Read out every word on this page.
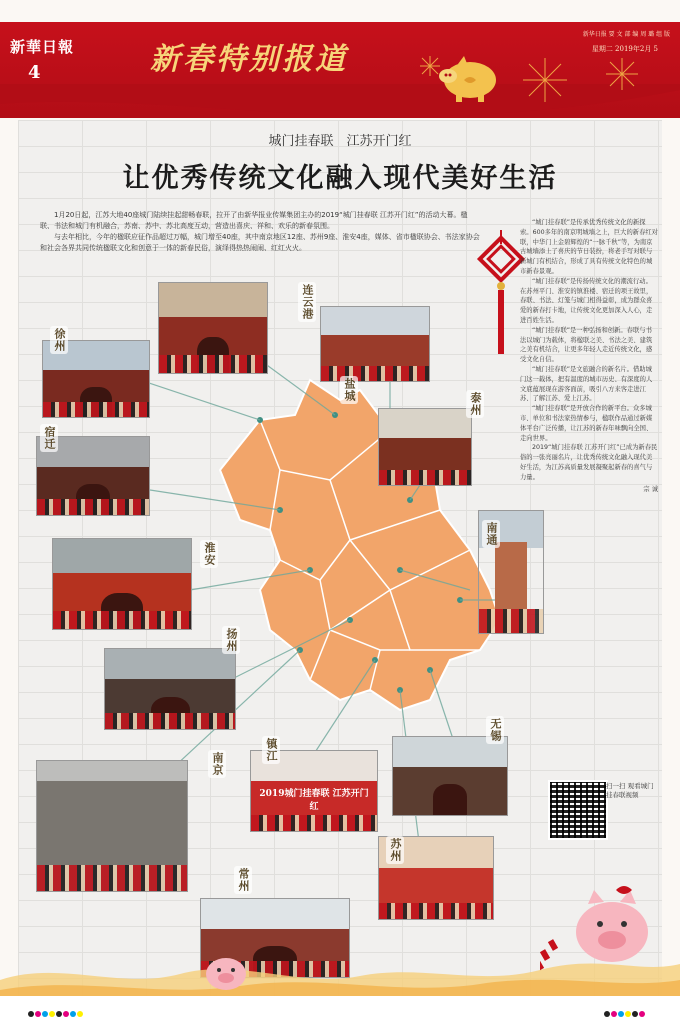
新華日報
4	新春特别报道
新华日报 要 文 部 编 周 璐 组 版
星期二 2019年2月 5
城门挂春联　江苏开门红
让优秀传统文化融入现代美好生活

1月20日起，江苏大地40座城门陆续挂起甜畅春联，拉开了由新华报业传媒集团主办的2019“城门挂春联 江苏开门红”的活动大幕。楹联、书法和城门有机融合，苏南、苏中、苏北高度互动，营造出喜庆、祥和、欢乐的新春氛围。

与去年相比，今年的楹联应征作品超过万幅，城门增至40座，其中南京地区12座、苏州9座、淮安4座，媒体、省市楹联协会、书法家协会和社会各界共同传统楹联文化和创意于一体的新春民俗，演绎得热热闹闹、红红火火。

“城门挂春联”是传承优秀传统文化的新探索。600多年的南京明城墙之上，巨大的新春红对联，中华门上金碧辉煌的“一脉千秋”等，为南京古城墙添上了喜庆的节日装扮，将老手写对联与新城门有机结合，形成了具有传统文化特色的城市新春景观。

“城门挂春联”是传扬传统文化的潮流行动。在苏州平门、淮安的镇淮楼、宿迁的项王故里，春联、书法、灯笼与城门相得益彰，成为群众喜爱的新春打卡地，让传统文化更加深入人心，走进百姓生活。

“城门挂春联”是一种弘扬和创新。春联与书法以城门为载体，将楹联之美、书法之美、建筑之美有机结合，让更多年轻人走近传统文化，感受文化自信。

“城门挂春联”是文旅融合的新名片。借助城门这一载体，把有温度的城市历史、有深度的人文底蕴展现在游客面前，吸引八方来客走进江苏、了解江苏、爱上江苏。

“城门挂春联”是开放合作的新平台。众多城市、单位和书法家热情参与，楹联作品通过新媒体平台广泛传播，让江苏的新春年味飘向全国、走向世界。

2019“城门挂春联 江苏开门红”已成为新春民俗的一张亮丽名片，让优秀传统文化融入现代美好生活，为江苏高质量发展凝聚起新春的喜气与力量。

宗 诚

2019城门挂春联 江苏开门红
徐州
连云港
宿迁
盐城
泰州
淮安
扬州
南通
镇江
南京
常州
无锡
苏州
扫一扫 观看城门挂春联视频
